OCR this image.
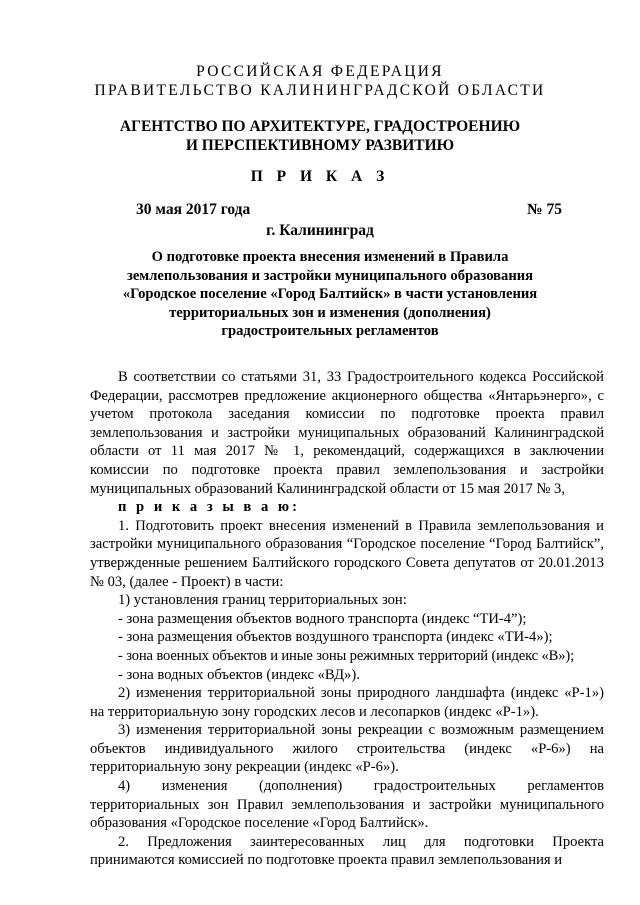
РОССИЙСКАЯ ФЕДЕРАЦИЯ
ПРАВИТЕЛЬСТВО КАЛИНИНГРАДСКОЙ ОБЛАСТИ
АГЕНТСТВО ПО АРХИТЕКТУРЕ, ГРАДОСТРОЕНИЮ
И ПЕРСПЕКТИВНОМУ РАЗВИТИЮ
П Р И К А З
30 мая 2017 года	№ 75
г. Калининград
О подготовке проекта внесения изменений в Правила
землепользования и застройки муниципального образования
«Городское поселение «Город Балтийск» в части установления
территориальных зон и изменения (дополнения)
градостроительных регламентов

В соответствии со статьями 31, 33 Градостроительного кодекса Российской Федерации, рассмотрев предложение акционерного общества «Янтарьэнерго», с учетом протокола заседания комиссии по подготовке проекта правил землепользования и застройки муниципальных образований Калининградской области от 11 мая 2017 № 1, рекомендаций, содержащихся в заключении комиссии по подготовке проекта правил землепользования и застройки муниципальных образований Калининградской области от 15 мая 2017 № 3,

п р и к а з ы в а ю:

1. Подготовить проект внесения изменений в Правила землепользования и застройки муниципального образования “Городское поселение “Город Балтийск”, утвержденные решением Балтийского городского Совета депутатов от 20.01.2013 № 03, (далее - Проект) в части:

1) установления границ территориальных зон:

- зона размещения объектов водного транспорта (индекс “ТИ-4”);

- зона размещения объектов воздушного транспорта (индекс «ТИ-4»);

- зона военных объектов и иные зоны режимных территорий (индекс «В»);

- зона водных объектов (индекс «ВД»).

2) изменения территориальной зоны природного ландшафта (индекс «Р-1») на территориальную зону городских лесов и лесопарков (индекс «Р-1»).

3) изменения территориальной зоны рекреации с возможным размещением объектов индивидуального жилого строительства (индекс «Р-6») на территориальную зону рекреации (индекс «Р-6»).

4) изменения (дополнения) градостроительных регламентов территориальных зон Правил землепользования и застройки муниципального образования «Городское поселение «Город Балтийск».

2. Предложения заинтересованных лиц для подготовки Проекта принимаются комиссией по подготовке проекта правил землепользования и
